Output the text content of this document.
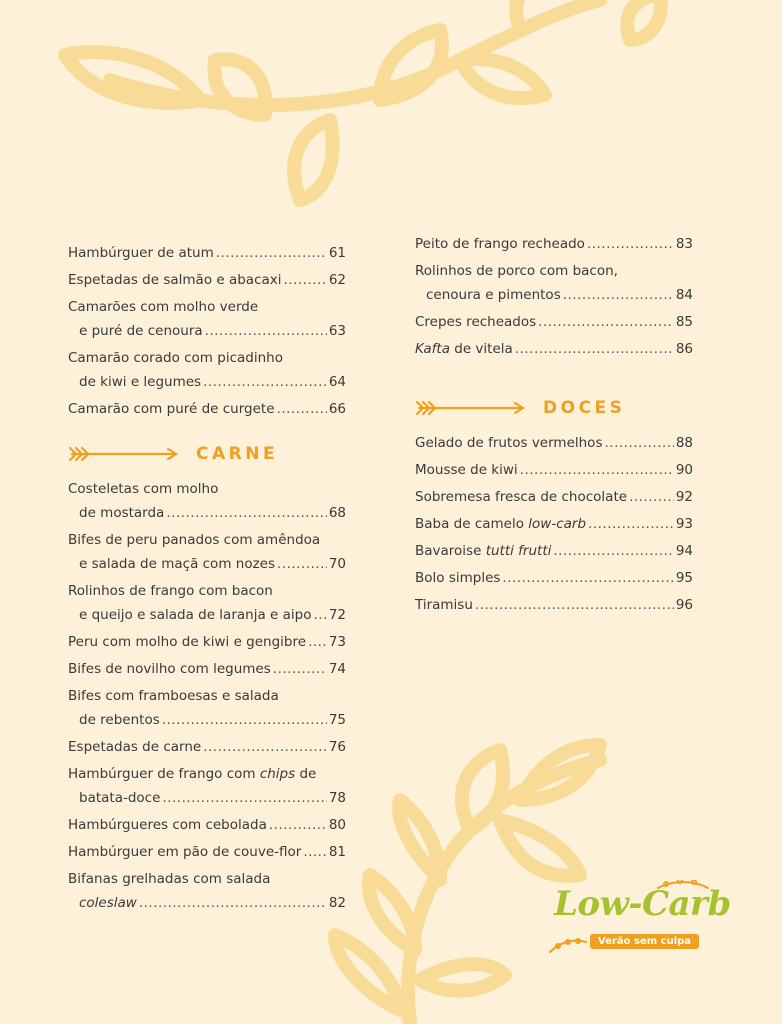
Hambúrguer de atum .....	61
Espetadas de salmão e abacaxi .....	62
Camarões com molho verde
e puré de cenoura .....	63
Camarão corado com picadinho
de kiwi e legumes .....	64
Camarão com puré de curgete .....	66
CARNE
Costeletas com molho
de mostarda .....	68
Bifes de peru panados com amêndoa
e salada de maçã com nozes .....	70
Rolinhos de frango com bacon
e queijo e salada de laranja e aipo ..... 72
Peru com molho de kiwi e gengibre ..... 73
Bifes de novilho com legumes .....	74
Bifes com framboesas e salada
de rebentos .....	75
Espetadas de carne .....	76
Hambúrguer de frango com chips de
batata-doce .....	78
Hambúrgueres com cebolada .....	80
Hambúrguer em pão de couve-flor ..... 81
Bifanas grelhadas com salada
coleslaw .....	82
Peito de frango recheado .....	83
Rolinhos de porco com bacon,
cenoura e pimentos .....	84
Crepes recheados .....	85
Kafta de vitela .....	86
DOCES
Gelado de frutos vermelhos .....	88
Mousse de kiwi .....	90
Sobremesa fresca de chocolate .....	92
Baba de camelo low-carb .....	93
Bavaroise tutti frutti .....	94
Bolo simples .....	95
Tiramisu .....	96
Low-Carb
Verão sem culpa
